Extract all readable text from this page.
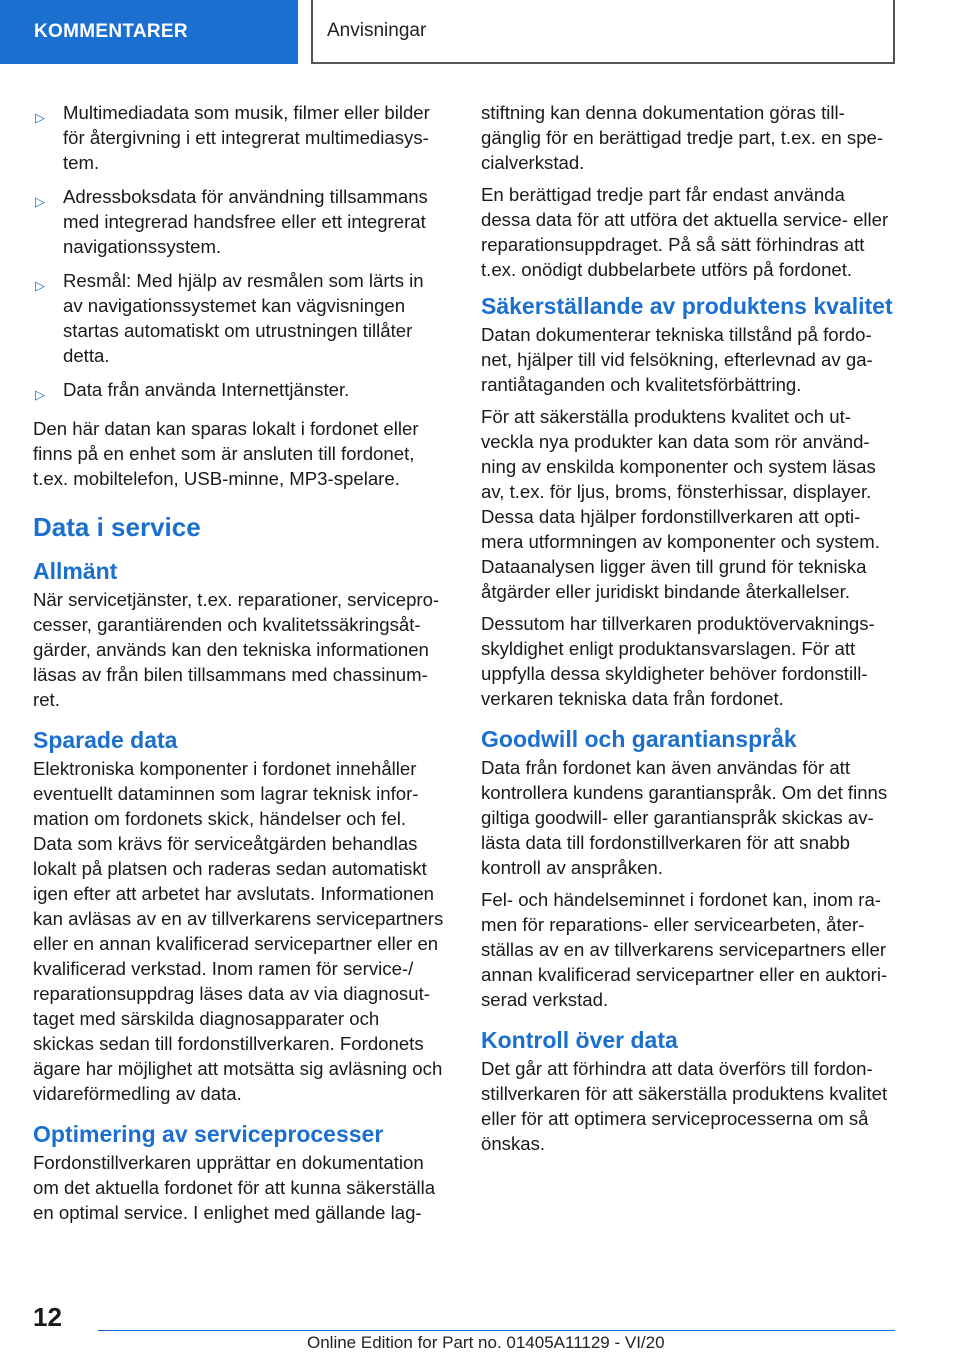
KOMMENTARER	Anvisningar
▷ Multimediadata som musik, filmer eller bilder för återgivning i ett integrerat multimediasys-tem.
▷ Adressboksdata för användning tillsammans med integrerad handsfree eller ett integrerat navigationssystem.
▷ Resmål: Med hjälp av resmålen som lärts in av navigationssystemet kan vägvisningen startas automatiskt om utrustningen tillåter detta.
▷ Data från använda Internettjänster.

Den här datan kan sparas lokalt i fordonet eller finns på en enhet som är ansluten till fordonet, t.ex. mobiltelefon, USB-minne, MP3-spelare.

Data i service
Allmänt

När servicetjänster, t.ex. reparationer, servicepro-cesser, garantiärenden och kvalitetssäkringsåt-gärder, används kan den tekniska informationen läsas av från bilen tillsammans med chassinum-ret.

Sparade data

Elektroniska komponenter i fordonet innehåller eventuellt dataminnen som lagrar teknisk infor-mation om fordonets skick, händelser och fel. Data som krävs för serviceåtgärden behandlas lokalt på platsen och raderas sedan automatiskt igen efter att arbetet har avslutats. Informationen kan avläsas av en av tillverkarens servicepartners eller en annan kvalificerad servicepartner eller en kvalificerad verkstad. Inom ramen för service-/ reparationsuppdrag läses data av via diagnosut-taget med särskilda diagnosapparater och skickas sedan till fordonstillverkaren. Fordonets ägare har möjlighet att motsätta sig avläsning och vidareförmedling av data.

Optimering av serviceprocesser

Fordonstillverkaren upprättar en dokumentation om det aktuella fordonet för att kunna säkerställa en optimal service. I enlighet med gällande lag-

stiftning kan denna dokumentation göras till-gänglig för en berättigad tredje part, t.ex. en spe-cialverkstad.

En berättigad tredje part får endast använda dessa data för att utföra det aktuella service- eller reparationsuppdraget. På så sätt förhindras att t.ex. onödigt dubbelarbete utförs på fordonet.

Säkerställande av produktens kvalitet

Datan dokumenterar tekniska tillstånd på fordo-net, hjälper till vid felsökning, efterlevnad av ga-rantiåtaganden och kvalitetsförbättring.

För att säkerställa produktens kvalitet och ut-veckla nya produkter kan data som rör använd-ning av enskilda komponenter och system läsas av, t.ex. för ljus, broms, fönsterhissar, displayer. Dessa data hjälper fordonstillverkaren att opti-mera utformningen av komponenter och system. Dataanalysen ligger även till grund för tekniska åtgärder eller juridiskt bindande återkallelser.

Dessutom har tillverkaren produktövervaknings-skyldighet enligt produktansvarslagen. För att uppfylla dessa skyldigheter behöver fordonstill-verkaren tekniska data från fordonet.

Goodwill och garantianspråk

Data från fordonet kan även användas för att kontrollera kundens garantianspråk. Om det finns giltiga goodwill- eller garantianspråk skickas av-lästa data till fordonstillverkaren för att snabb kontroll av anspråken.

Fel- och händelseminnet i fordonet kan, inom ra-men för reparations- eller servicearbeten, åter-ställas av en av tillverkarens servicepartners eller annan kvalificerad servicepartner eller en auktori-serad verkstad.

Kontroll över data

Det går att förhindra att data överförs till fordon-stillverkaren för att säkerställa produktens kvalitet eller för att optimera serviceprocesserna om så önskas.

12
Online Edition for Part no. 01405A11129 - VI/20
